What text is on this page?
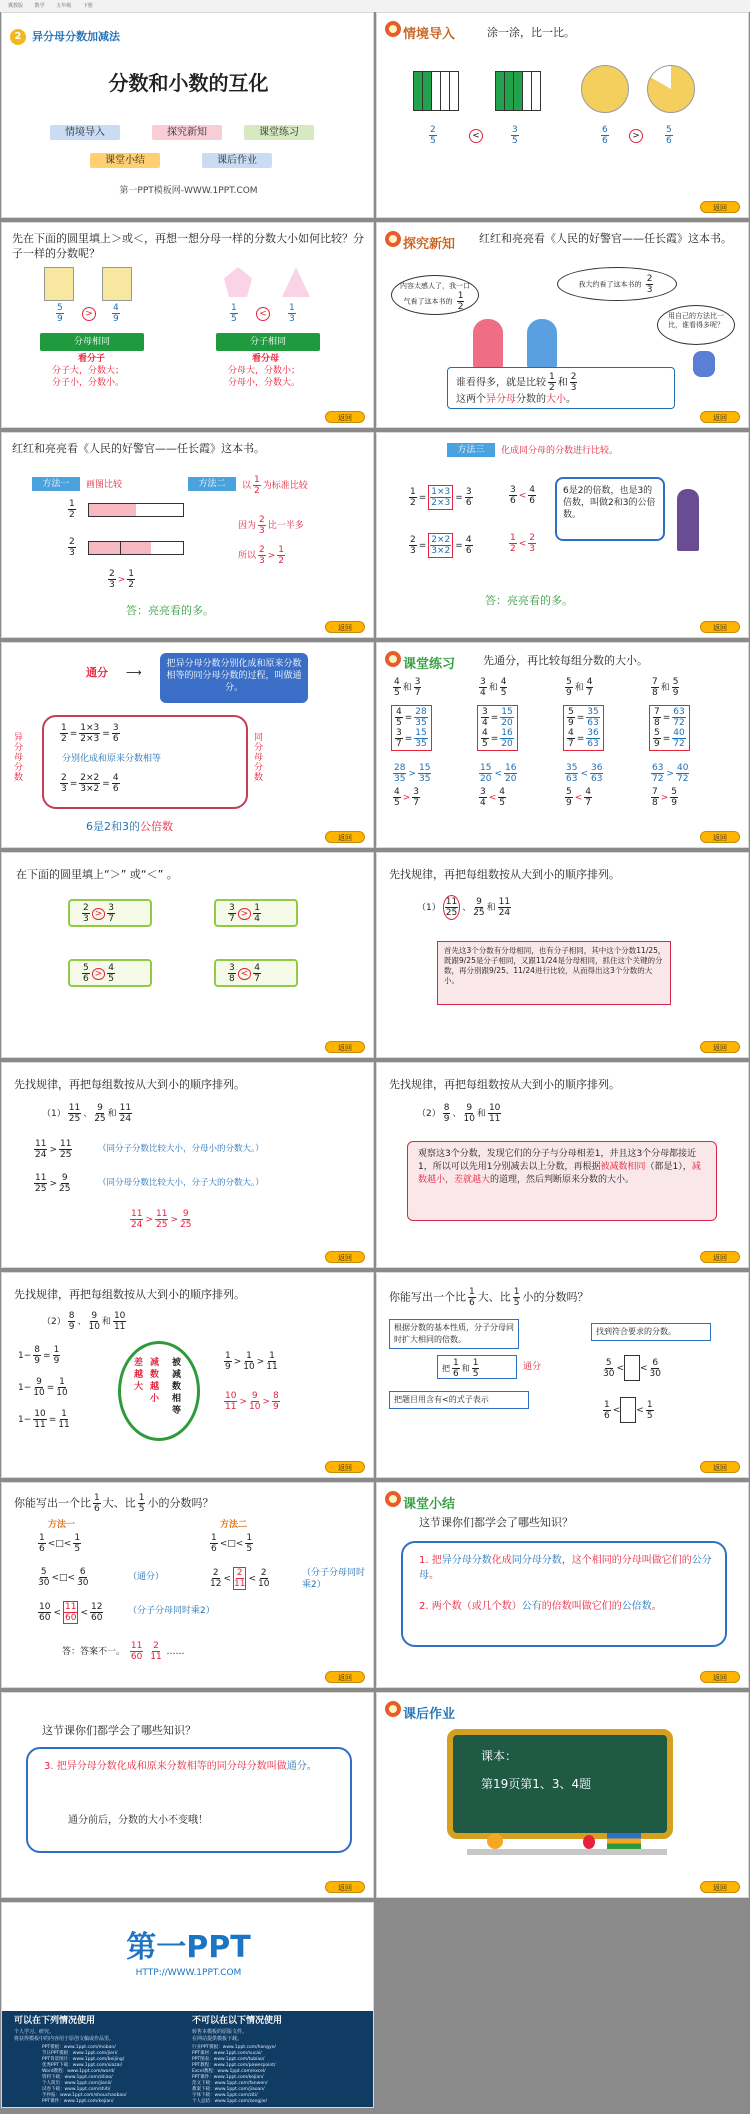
冀教版 数学 五年级 下册
2 异分母分数加减法
分数和小数的互化
情境导入	探究新知	课堂练习
课堂小结	课后作业
第一PPT模板网-WWW.1PPT.COM
情境导入	涂一涂，比一比。
$\frac{2}{5}$	<	$\frac{3}{5}$	$\frac{6}{6}$	>	$\frac{5}{6}$
返回
先在下面的圆里填上＞或＜，再想一想分母一样的分数大小如何比较？分子一样的分数呢？
$\frac{5}{9}$	>	$\frac{4}{9}$	$\frac{1}{5}$	<	$\frac{1}{3}$
分母相同	分子相同
看分子
分子大，分数大；
分子小，分数小。
看分母
分母大，分数小；
分母小，分数大。
返回
探究新知 红红和亮亮看《人民的好警官——任长霞》这本书。
内容太感人了，我一口气看了这本书的 $\frac{1}{2}$
我大约看了这本书的 $\frac{2}{3}$
用自己的方法比一比，谁看得多呢？
谁看得多，就是比较 $\frac{1}{2}$ 和 $\frac{2}{3}$
这两个异分母分数的大小。
返回
红红和亮亮看《人民的好警官——任长霞》这本书。
方法一	画图比较	方法二	以 $\frac{1}{2}$ 为标准比较
$\frac{1}{2}$
$\frac{2}{3}$
$\frac{2}{3} > \frac{1}{2}$
因为 $\frac{2}{3}$ 比一半多
所以 $\frac{2}{3} > \frac{1}{2}$
答：亮亮看的多。
返回
方法三	化成同分母的分数进行比较。
$\frac{1}{2} = \frac{1\times 3}{2\times 3} = \frac{3}{6}$
$\frac{2}{3} = \frac{2\times 2}{3\times 2} = \frac{4}{6}$
$\frac{3}{6} < \frac{4}{6}$
$\frac{1}{2} < \frac{2}{3}$
6是2的倍数，也是3的倍数，叫做2和3的公倍数。
答：亮亮看的多。
返回
通分 ⟶
把异分母分数分别化成和原来分数相等的同分母分数的过程，叫做通分。
异分母分数
同分母分数
$\frac{1}{2} = \frac{1\times 3}{2\times 3} = \frac{3}{6}$
分别化成和原来分数相等
$\frac{2}{3} = \frac{2\times 2}{3\times 2} = \frac{4}{6}$
6是2和3的公倍数
返回
课堂练习	先通分，再比较每组分数的大小。
$\frac{4}{5}$ 和 $\frac{3}{7}$
$\frac{4}{5} = \frac{28}{35}$

$\frac{3}{7} = \frac{15}{35}$
$\frac{28}{35} > \frac{15}{35}$
$\frac{4}{5} > \frac{3}{7}$
$\frac{3}{4}$ 和 $\frac{4}{5}$
$\frac{3}{4} = \frac{15}{20}$

$\frac{4}{5} = \frac{16}{20}$
$\frac{15}{20} < \frac{16}{20}$
$\frac{3}{4} < \frac{4}{5}$
$\frac{5}{9}$ 和 $\frac{4}{7}$
$\frac{5}{9} = \frac{35}{63}$

$\frac{4}{7} = \frac{36}{63}$
$\frac{35}{63} < \frac{36}{63}$
$\frac{5}{9} < \frac{4}{7}$
$\frac{7}{8}$ 和 $\frac{5}{9}$
$\frac{7}{8} = \frac{63}{72}$

$\frac{5}{9} = \frac{40}{72}$
$\frac{63}{72} > \frac{40}{72}$
$\frac{7}{8} > \frac{5}{9}$
返回
在下面的圆里填上“＞” 或“＜” 。
$\frac{2}{3} > \frac{3}{7}$	$\frac{3}{7} > \frac{1}{4}$
$\frac{5}{6} > \frac{4}{5}$	$\frac{3}{8} < \frac{4}{7}$
返回
先找规律，再把每组数按从大到小的顺序排列。
$(1) \frac{11}{25}$ 、 $\frac{9}{25}$ 和 $\frac{11}{24}$
首先这3个分数有分母相同，也有分子相同，其中这个分数11/25，既跟9/25是分子相同，又跟11/24是分母相同，抓住这个关键的分数，再分别跟9/25、11/24进行比较，从而得出这3个分数的大小。
返回
先找规律，再把每组数按从大到小的顺序排列。
$(1) \frac{11}{25}$ 、 $\frac{9}{25}$ 和 $\frac{11}{24}$
$\frac{11}{24} > \frac{11}{25}$	（同分子分数比较大小，分母小的分数大。）
$\frac{11}{25} > \frac{9}{25}$	（同分母分数比较大小，分子大的分数大。）
$\frac{11}{24} > \frac{11}{25} > \frac{9}{25}$
返回
先找规律，再把每组数按从大到小的顺序排列。
$(2) \frac{8}{9}$ 、 $\frac{9}{10}$ 和 $\frac{10}{11}$
观察这3个分数，发现它们的分子与分母相差1，并且这3个分母都接近1，所以可以先用1分别减去以上分数，再根据被减数相同（都是1），减数越小，差就越大的道理，然后判断原来分数的大小。
返回
先找规律，再把每组数按从大到小的顺序排列。
$(2) \frac{8}{9}$ 、 $\frac{9}{10}$ 和 $\frac{10}{11}$
$1- \frac{8}{9} = \frac{1}{9}$
$1- \frac{9}{10} = \frac{1}{10}$
$1- \frac{10}{11} = \frac{1}{11}$
差越大
减数越小
被减数相等
$\frac{1}{9} > \frac{1}{10} > \frac{1}{11}$
$\frac{10}{11} > \frac{9}{10} > \frac{8}{9}$
返回
你能写出一个比 $\frac{1}{6}$ 大、比 $\frac{1}{5}$ 小的分数吗？
根据分数的基本性质，分子分母同时扩大相同的倍数。
找到符合要求的分数。
把 $\frac{1}{6}$ 和 $\frac{1}{5}$	通分
把题目用含有<的式子表示
$\frac{5}{30}$ < < $\frac{6}{30}$
$\frac{1}{6}$ < < $\frac{1}{5}$
返回
你能写出一个比 $\frac{1}{6}$ 大、比 $\frac{1}{5}$ 小的分数吗？
方法一	方法二
$\frac{1}{6}$ <□< $\frac{1}{5}$
$\frac{5}{30}$ <□< $\frac{6}{30}$	（通分）
$\frac{10}{60} < \frac{11}{60} < \frac{12}{60}$	（分子分母同时乘2）
$\frac{1}{6}$ <□< $\frac{1}{5}$
$\frac{2}{12} < \frac{2}{11} < \frac{2}{10}$	（分子分母同时乘2）
答：答案不一。 $\frac{11}{60}$
$\frac{2}{11}$ ……
返回
课堂小结
这节课你们都学会了哪些知识？
1. 把异分母分数化成同分母分数，这个相同的分母叫做它们的公分母。
2. 两个数（或几个数）公有的倍数叫做它们的公倍数。
返回
这节课你们都学会了哪些知识？
3. 把异分母分数化成和原来分数相等的同分母分数叫做通分。
通分前后，分数的大小不变哦！
返回
课后作业
课本：
第19页第1、3、4题
返回
第一PPT
HTTP://WWW.1PPT.COM
可以在下列情况使用	不可以在以下情况使用
个人学习、研究。
将获得模板中的内容用于原创文稿或作品里。
转售本模板的原版文件。
在网站提供模板下载。
PPT模板：www.1ppt.com/moban/
节日PPT模板：www.1ppt.com/jieri/
PPT背景图片：www.1ppt.com/beijing/
优秀PPT下载：www.1ppt.com/xiazai/
Word教程：www.1ppt.com/word/
资料下载：www.1ppt.com/ziliao/
个人简历：www.1ppt.com/jianli/
试卷下载：www.1ppt.com/shiti/
手抄报：www.1ppt.com/shouchaobao/
PPT课件：www.1ppt.com/kejian/
行业PPT模板：www.1ppt.com/hangye/
PPT素材：www.1ppt.com/sucai/
PPT图表：www.1ppt.com/tubiao/
PPT教程：www.1ppt.com/powerpoint/
Excel教程：www.1ppt.com/excel/
PPT课件：www.1ppt.com/kejian/
范文下载：www.1ppt.com/fanwen/
教案下载：www.1ppt.com/jiaoan/
字体下载：www.1ppt.com/ziti/
个人总结：www.1ppt.com/zongjie/
